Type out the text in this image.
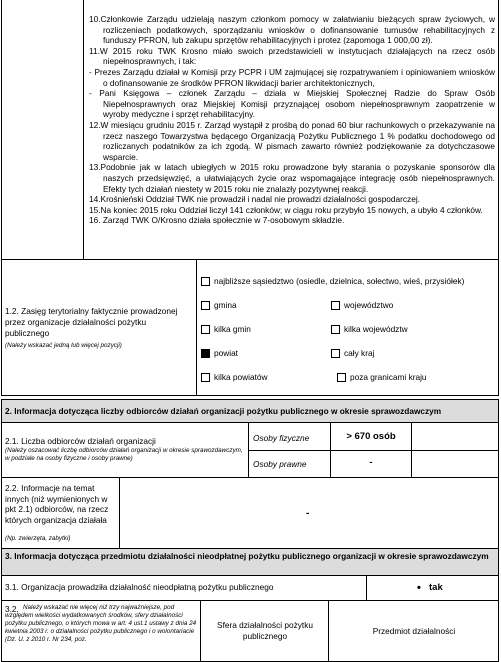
10.Członkowie Zarządu udzielają naszym członkom pomocy w załatwianiu bieżących spraw życiowych, w rozliczeniach podatkowych, sporządzaniu wniosków o dofinansowanie turnusów rehabilitacyjnych z funduszy PFRON, lub zakupu sprzętów rehabilitacyjnych i protez (zapomoga 1 000,00 zł).

11.W 2015 roku TWK Krosno miało swoich przedstawicieli w instytucjach działających na rzecz osób niepełnosprawnych, i tak:

- Prezes Zarządu działał w Komisji przy PCPR i UM zajmującej się rozpatrywaniem i opiniowaniem wniosków o dofinansowanie ze środków PFRON likwidacji barier architektonicznych,

- Pani Księgowa – członek Zarządu – działa w Miejskiej Społecznej Radzie do Spraw Osób Niepełnosprawnych oraz Miejskiej Komisji przyznającej osobom niepełnosprawnym zaopatrzenie w wyroby medyczne i sprzęt rehabilitacyjny.

12.W miesiącu grudniu 2015 r. Zarząd wystąpił z prośbą do ponad 60 biur rachunkowych o przekazywanie na rzecz naszego Towarzystwa będącego Organizacją Pożytku Publicznego 1 % podatku dochodowego od rozliczanych podatników za ich zgodą. W pismach zawarto również podziękowanie za dotychczasowe wsparcie.

13.Podobnie jak w latach ubiegłych w 2015 roku prowadzone były starania o pozyskanie sponsorów dla naszych przedsięwzięć, a ułatwiających życie oraz wspomagające integrację osób niepełnosprawnych. Efekty tych działań niestety w 2015 roku nie znalazły pozytywnej reakcji.

14.Krośnieński Oddział TWK nie prowadził i nadal nie prowadzi działalności gospodarczej.

15.Na koniec 2015 roku Oddział liczył 141 członków; w ciągu roku przybyło 15 nowych, a ubyło 4 członków.

16. Zarząd TWK O/Krosno działa społecznie w 7-osobowym składzie.

1.2. Zasięg terytorialny faktycznie prowadzonej przez organizacje działalności pożytku publicznego
(Należy wskazać jedną lub więcej pozycji)
najbliższe sąsiedztwo (osiedle, dzielnica, sołectwo, wieś, przysiółek)
gmina	województwo
kilka gmin	kilka województw
powiat	cały kraj
kilka powiatów	poza granicami kraju
2. Informacja dotycząca liczby odbiorców działań organizacji pożytku publicznego w okresie sprawozdawczym
2.1. Liczba odbiorców działań organizacji
(Należy oszacować liczbę odbiorców działań organizacji w okresie sprawozdawczym, w podziale na osoby fizyczne i osoby prawne)
Osoby fizyczne	> 670 osób
Osoby prawne	-
2.2. Informacje na temat innych (niż wymienionych w pkt 2.1) odbiorców, na rzecz których organizacja działała
(Np. zwierzęta, zabytki)
-
3. Informacja dotycząca przedmiotu działalności nieodpłatnej pożytku publicznego organizacji w okresie sprawozdawczym
3.1. Organizacja prowadziła działalność nieodpłatną pożytku publicznego	• tak
3.2. Należy wskazać nie więcej niż trzy najważniejsze, pod względem wielkości wydatkowanych środków, sfery działalności pożytku publicznego, o których mowa w art. 4 ust.1 ustawy z dnia 24 kwietnia 2003 r. o działalności pożytku publicznego i o wolontariacie (Dz. U. z 2010 r. Nr 234, poz.
Sfera działalności pożytku publicznego	Przedmiot działalności
